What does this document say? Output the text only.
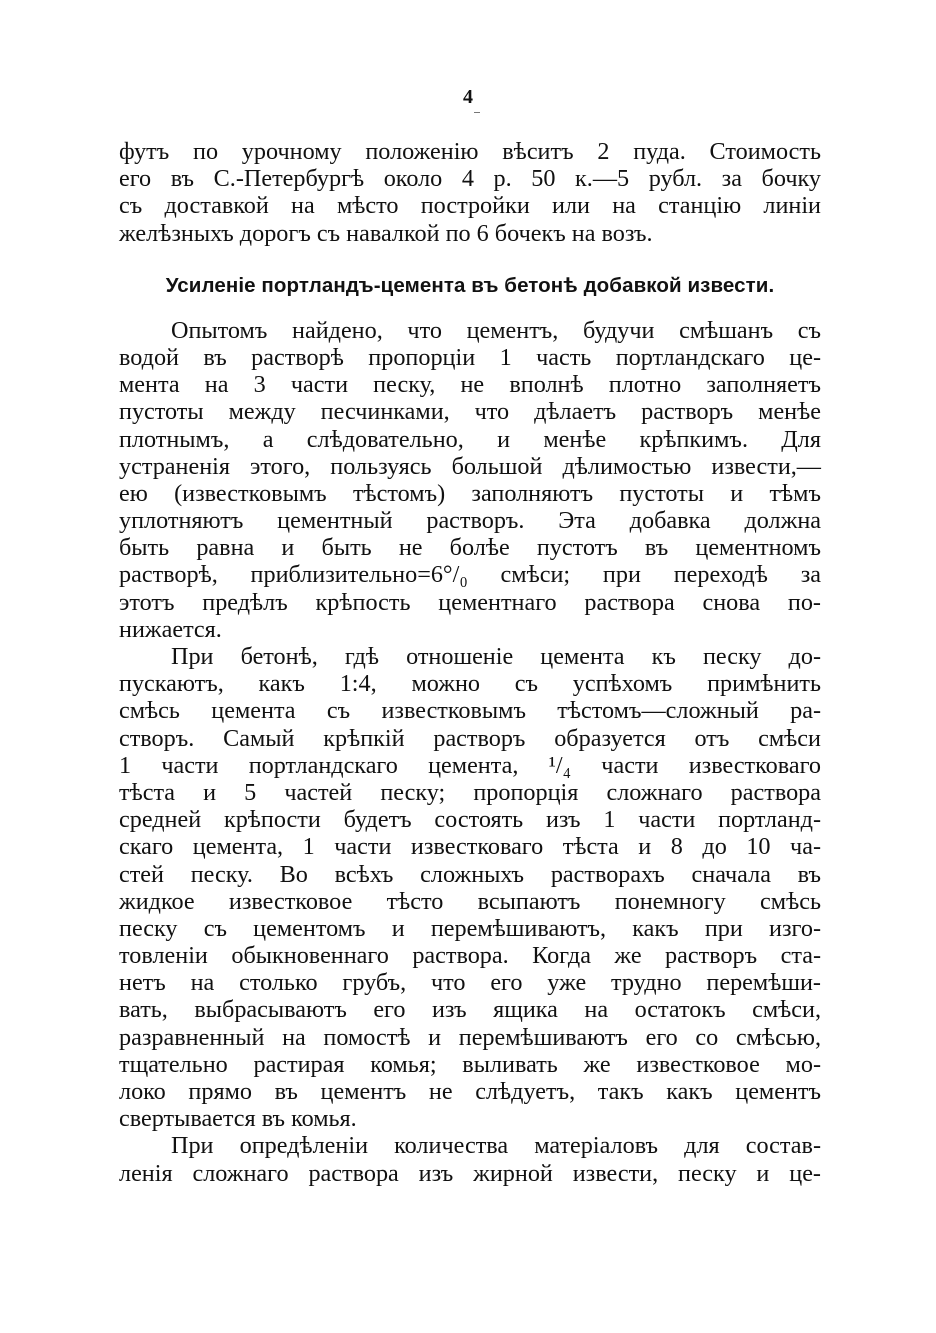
4
футъ по урочному положенію вѣситъ 2 пуда. Стоимость
его въ С.-Петербургѣ около 4 р. 50 к.—5 рубл. за бочку
съ доставкой на мѣсто постройки или на станцію линіи
желѣзныхъ дорогъ съ навалкой по 6 бочекъ на возъ.
Усиленіе портландъ-цемента въ бетонѣ добавкой извести.
Опытомъ найдено, что цементъ, будучи смѣшанъ съ
водой въ растворѣ пропорціи 1 часть портландскаго це-
мента на 3 части песку, не вполнѣ плотно заполняетъ
пустоты между песчинками, что дѣлаетъ растворъ менѣе
плотнымъ, а слѣдовательно, и менѣе крѣпкимъ. Для
устраненія этого, пользуясь большой дѣлимостью извести,—
ею (известковымъ тѣстомъ) заполняютъ пустоты и тѣмъ
уплотняютъ цементный растворъ. Эта добавка должна
быть равна и быть не болѣе пустотъ въ цементномъ
растворѣ, приблизительно=6°/₀ смѣси; при переходѣ за
этотъ предѣлъ крѣпость цементнаго раствора снова по-
нижается.
При бетонѣ, гдѣ отношеніе цемента къ песку до-
пускаютъ, какъ 1:4, можно съ успѣхомъ примѣнить
смѣсь цемента съ известковымъ тѣстомъ—сложный ра-
створъ. Самый крѣпкій растворъ образуется отъ смѣси
1 части портландскаго цемента, ¹/₄ части известковаго
тѣста и 5 частей песку; пропорція сложнаго раствора
средней крѣпости будетъ состоять изъ 1 части портланд-
скаго цемента, 1 части известковаго тѣста и 8 до 10 ча-
стей песку. Во всѣхъ сложныхъ растворахъ сначала въ
жидкое известковое тѣсто всыпаютъ понемногу смѣсь
песку съ цементомъ и перемѣшиваютъ, какъ при изго-
товленіи обыкновеннаго раствора. Когда же растворъ ста-
нетъ на столько грубъ, что его уже трудно перемѣши-
вать, выбрасываютъ его изъ ящика на остатокъ смѣси,
разравненный на помостѣ и перемѣшиваютъ его со смѣсью,
тщательно растирая комья; выливать же известковое мо-
локо прямо въ цементъ не слѣдуетъ, такъ какъ цементъ
свертывается въ комья.
При опредѣленіи количества матеріаловъ для состав-
ленія сложнаго раствора изъ жирной извести, песку и це-
